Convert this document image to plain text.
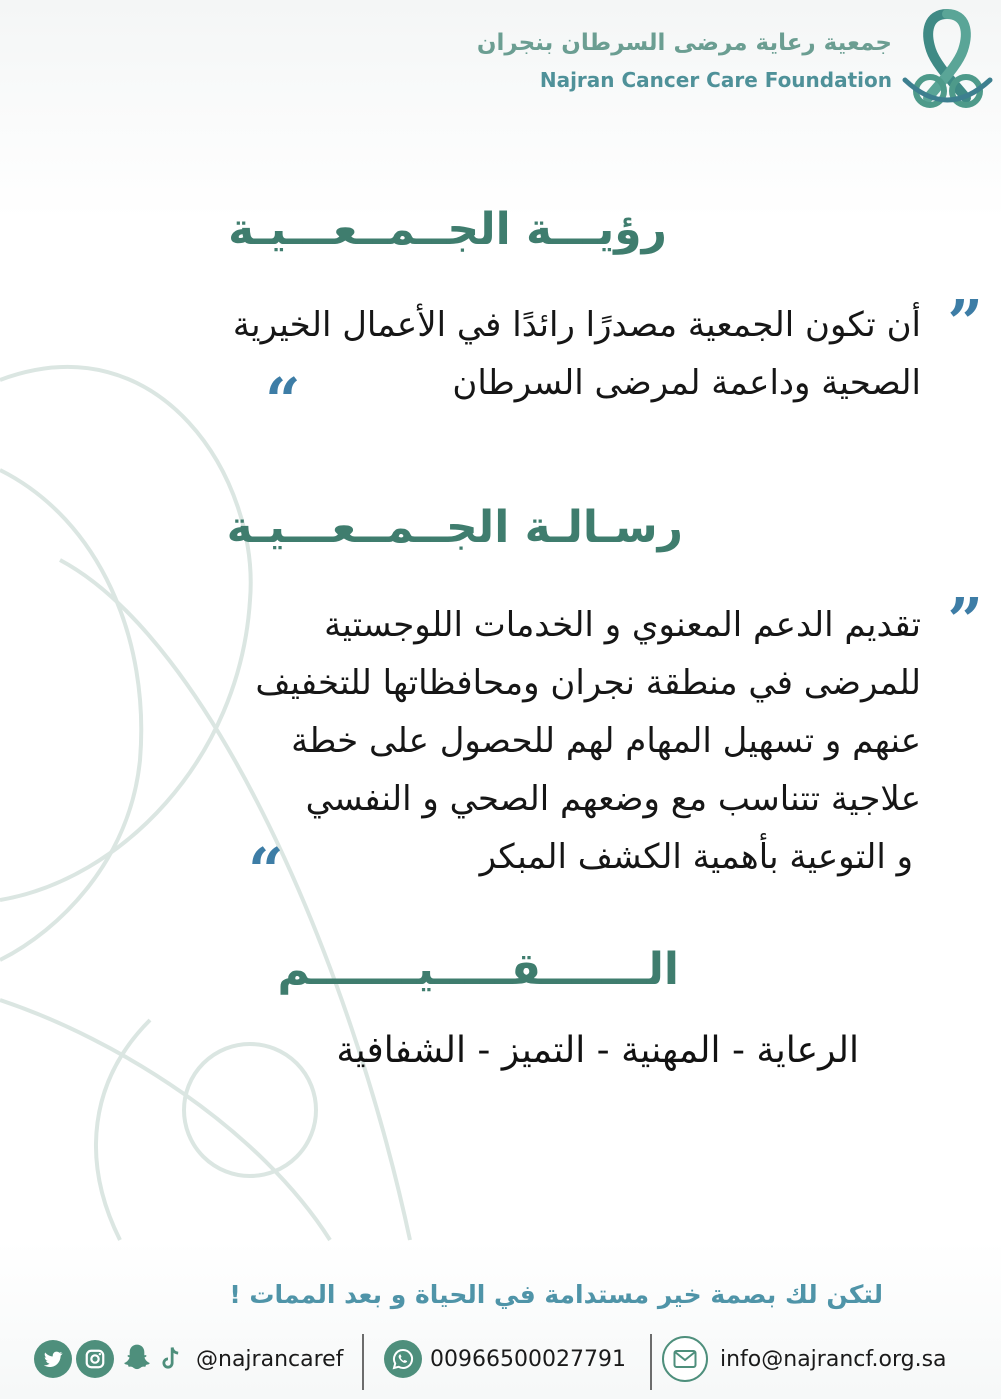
جمعية رعاية مرضى السرطان بنجران
Najran Cancer Care Foundation
رؤيـــة الجــمــعـــيـة
”
أن تكون الجمعية مصدرًا رائدًا في الأعمال الخيرية
الصحية وداعمة لمرضى السرطان
“
رسـالـة الجــمــعـــيـة
”
تقديم الدعم المعنوي و الخدمات اللوجستية
للمرضى في منطقة نجران ومحافظاتها للتخفيف
عنهم و تسهيل المهام لهم للحصول على خطة
علاجية تتناسب مع وضعهم الصحي و النفسي
و التوعية بأهمية الكشف المبكر
“
الـــــــقـــــيـــــــم
الرعاية - المهنية - التميز - الشفافية
لتكن لك بصمة خير مستدامة في الحياة و بعد الممات !
@najrancaref	00966500027791	info@najrancf.org.sa
